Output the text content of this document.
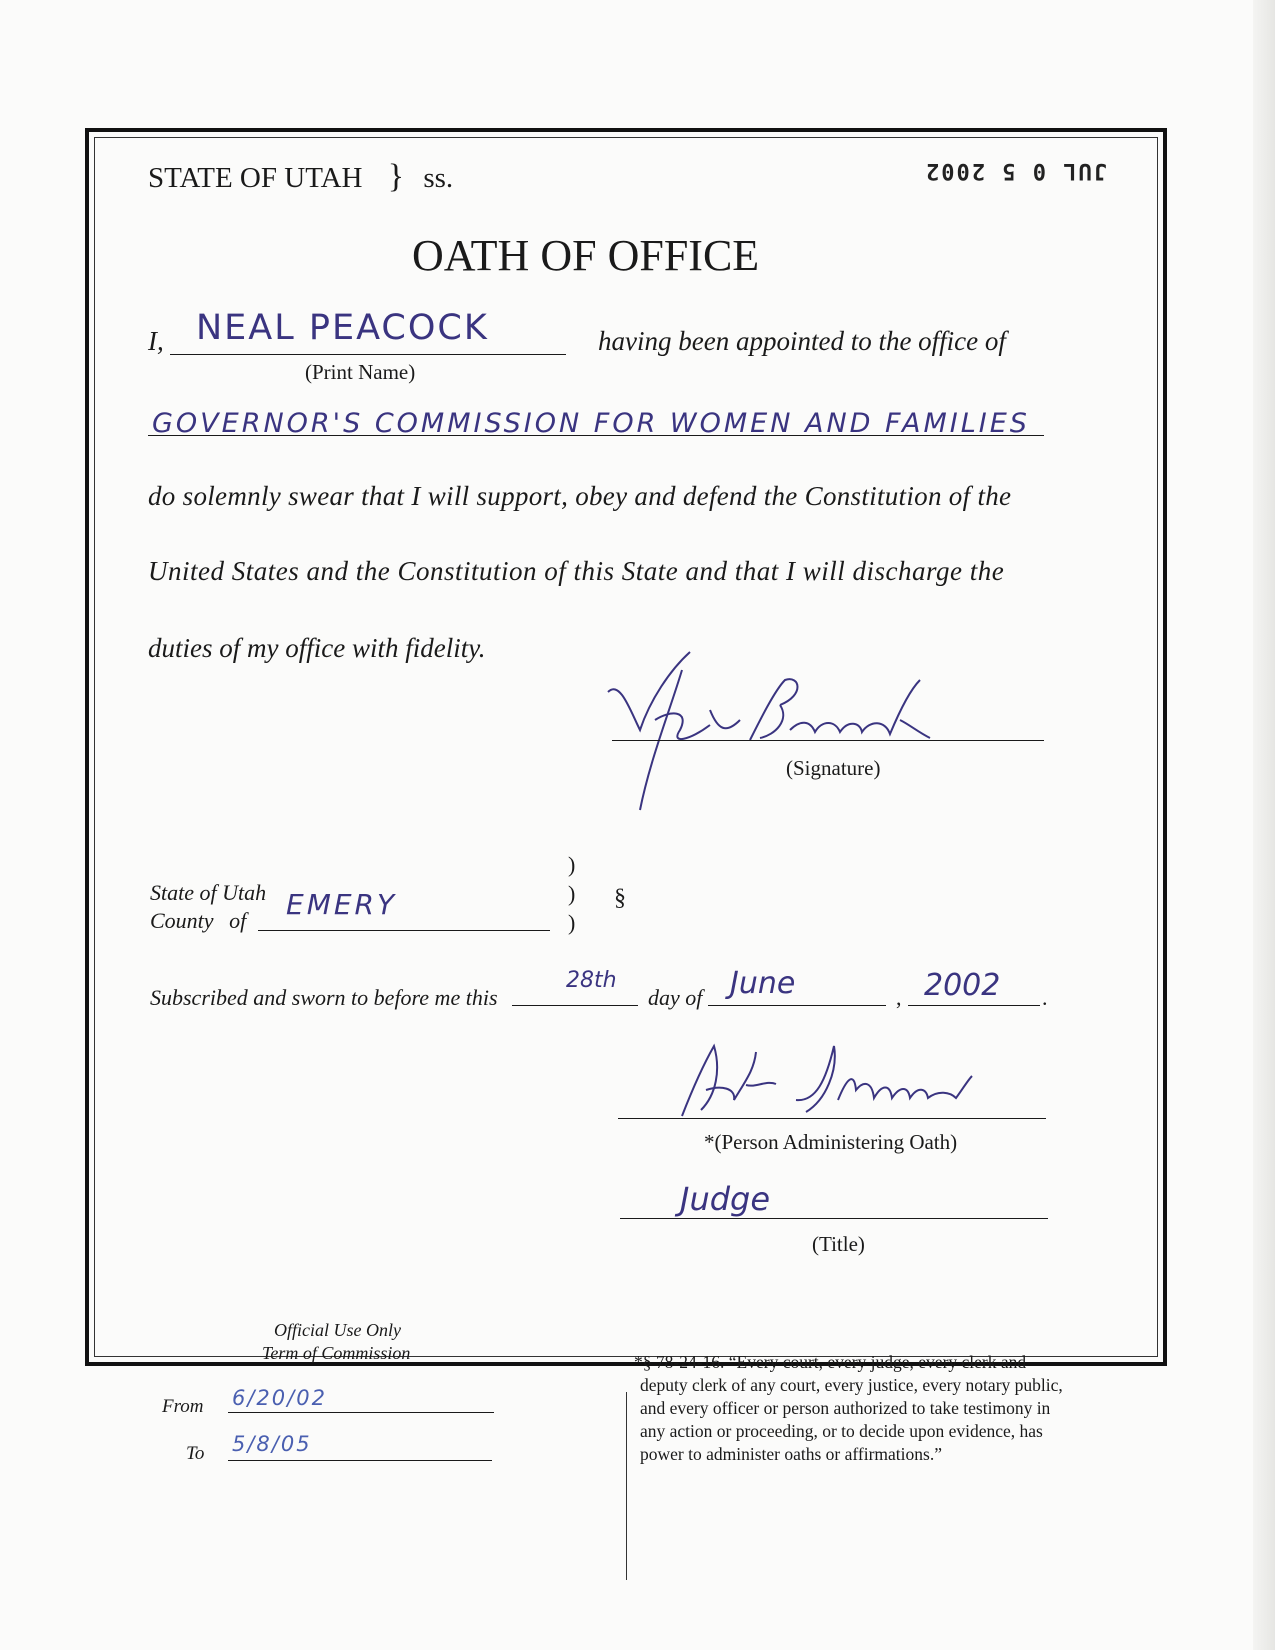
STATE OF UTAH } ss.	JUL 0 5 2002
OATH OF OFFICE
I, NEAL PEACOCK
(Print Name)
having been appointed to the office of
GOVERNOR'S COMMISSION FOR WOMEN AND FAMILIES
do solemnly swear that I will support, obey and defend the Constitution of the
United States and the Constitution of this State and that I will discharge the
duties of my office with fidelity.
(Signature)
State of Utah
County of EMERY
)
)
)
§
Subscribed and sworn to before me this
28th
day of June	, 2002 .
*(Person Administering Oath)
Judge
(Title)
Official Use Only
Term of Commission
From 6/20/02
To 5/8/05
*§ 78-24-16. “Every court, every judge, every clerk and
deputy clerk of any court, every justice, every notary public,
and every officer or person authorized to take testimony in
any action or proceeding, or to decide upon evidence, has
power to administer oaths or affirmations.”
